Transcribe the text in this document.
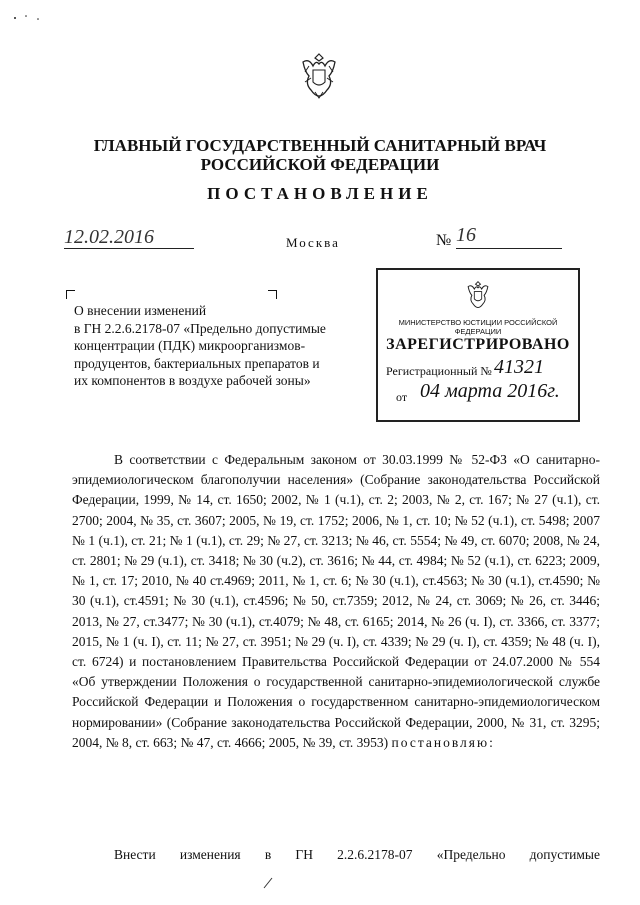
ГЛАВНЫЙ ГОСУДАРСТВЕННЫЙ САНИТАРНЫЙ ВРАЧ
РОССИЙСКОЙ ФЕДЕРАЦИИ
ПОСТАНОВЛЕНИЕ
12.02.2016	Москва	№ 16
О внесении изменений
в ГН 2.2.6.2178-07 «Предельно допустимые
концентрации (ПДК) микроорганизмов-
продуцентов, бактериальных препаратов и
их компонентов в воздухе рабочей зоны»
МИНИСТЕРСТВО ЮСТИЦИИ РОССИЙСКОЙ ФЕДЕРАЦИИ
ЗАРЕГИСТРИРОВАНО
Регистрационный № 41321
от 04 марта 2016г.

В соответствии с Федеральным законом от 30.03.1999 № 52-ФЗ «О санитарно-эпидемиологическом благополучии населения» (Собрание законодательства Российской Федерации, 1999, № 14, ст. 1650; 2002, № 1 (ч.1), ст. 2; 2003, № 2, ст. 167; № 27 (ч.1), ст. 2700; 2004, № 35, ст. 3607; 2005, № 19, ст. 1752; 2006, № 1, ст. 10; № 52 (ч.1), ст. 5498; 2007 № 1 (ч.1), ст. 21; № 1 (ч.1), ст. 29; № 27, ст. 3213; № 46, ст. 5554; № 49, ст. 6070; 2008, № 24, ст. 2801; № 29 (ч.1), ст. 3418; № 30 (ч.2), ст. 3616; № 44, ст. 4984; № 52 (ч.1), ст. 6223; 2009, № 1, ст. 17; 2010, № 40 ст.4969; 2011, № 1, ст. 6; № 30 (ч.1), ст.4563; № 30 (ч.1), ст.4590; № 30 (ч.1), ст.4591; № 30 (ч.1), ст.4596; № 50, ст.7359; 2012, № 24, ст. 3069; № 26, ст. 3446; 2013, № 27, ст.3477; № 30 (ч.1), ст.4079; № 48, ст. 6165; 2014, № 26 (ч. I), ст. 3366, ст. 3377; 2015, № 1 (ч. I), ст. 11; № 27, ст. 3951; № 29 (ч. I), ст. 4339; № 29 (ч. I), ст. 4359; № 48 (ч. I), ст. 6724) и постановлением Правительства Российской Федерации от 24.07.2000 № 554 «Об утверждении Положения о государственной санитарно-эпидемиологической службе Российской Федерации и Положения о государственном санитарно-эпидемиологическом нормировании» (Собрание законодательства Российской Федерации, 2000, № 31, ст. 3295; 2004, № 8, ст. 663; № 47, ст. 4666; 2005, № 39, ст. 3953) постановляю:

Внести изменения в ГН 2.2.6.2178-07 «Предельно допустимые
